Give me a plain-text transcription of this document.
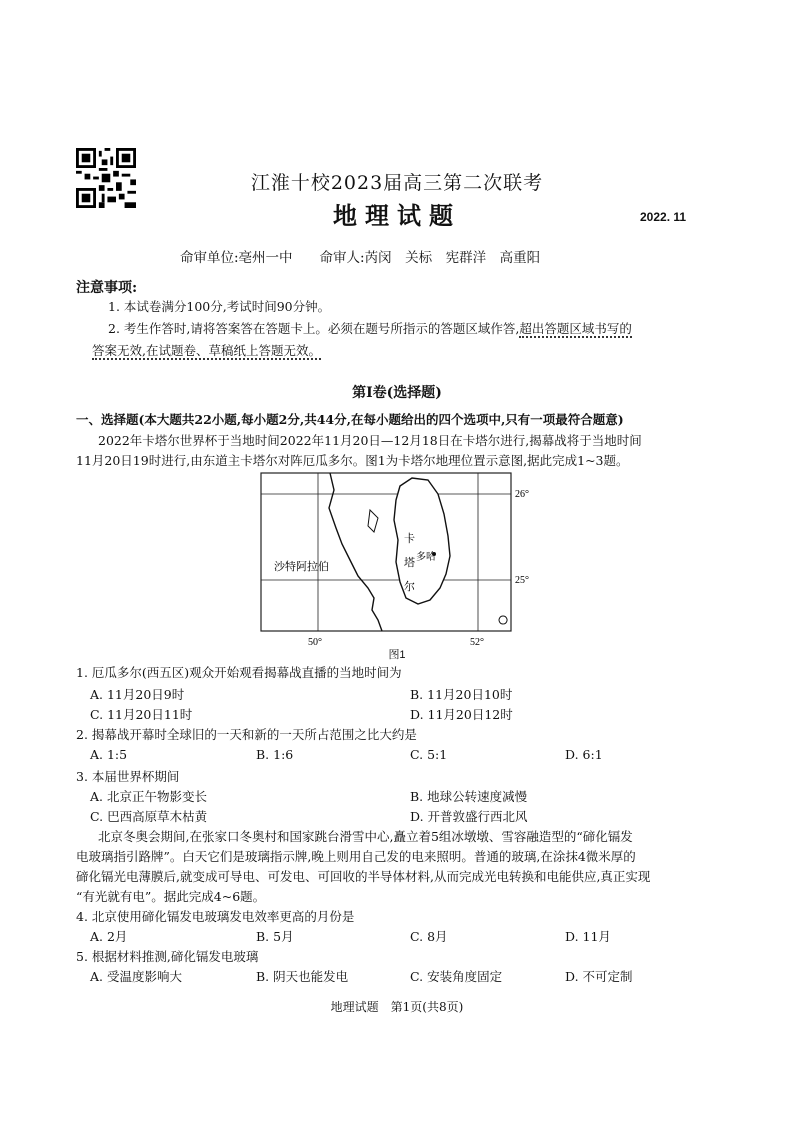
江淮十校2023届高三第二次联考
地理试题	2022. 11
命审单位:亳州一中　　命审人:芮闵　关标　宪群洋　高重阳
注意事项:
1. 本试卷满分100分,考试时间90分钟。
2. 考生作答时,请将答案答在答题卡上。必须在题号所指示的答题区域作答,超出答题区域书写的
答案无效,在试题卷、草稿纸上答题无效。
第Ⅰ卷(选择题)
一、选择题(本大题共22小题,每小题2分,共44分,在每小题给出的四个选项中,只有一项最符合题意)
2022年卡塔尔世界杯于当地时间2022年11月20日—12月18日在卡塔尔进行,揭幕战将于当地时间
11月20日19时进行,由东道主卡塔尔对阵厄瓜多尔。图1为卡塔尔地理位置示意图,据此完成1~3题。
26°
25°
50°	52°
沙特阿拉伯
多哈
卡
塔
尔
图1
1. 厄瓜多尔(西五区)观众开始观看揭幕战直播的当地时间为
A. 11月20日9时	B. 11月20日10时
C. 11月20日11时	D. 11月20日12时
2. 揭幕战开幕时全球旧的一天和新的一天所占范围之比大约是
A. 1:5	B. 1:6	C. 5:1	D. 6:1
3. 本届世界杯期间
A. 北京正午物影变长	B. 地球公转速度减慢
C. 巴西高原草木枯黄	D. 开普敦盛行西北风
北京冬奥会期间,在张家口冬奥村和国家跳台滑雪中心,矗立着5组冰墩墩、雪容融造型的“碲化镉发
电玻璃指引路牌”。白天它们是玻璃指示牌,晚上则用自己发的电来照明。普通的玻璃,在涂抹4微米厚的
碲化镉光电薄膜后,就变成可导电、可发电、可回收的半导体材料,从而完成光电转换和电能供应,真正实现
“有光就有电”。据此完成4~6题。
4. 北京使用碲化镉发电玻璃发电效率更高的月份是
A. 2月	B. 5月	C. 8月	D. 11月
5. 根据材料推测,碲化镉发电玻璃
A. 受温度影响大	B. 阴天也能发电	C. 安装角度固定	D. 不可定制
地理试题　第1页(共8页)
